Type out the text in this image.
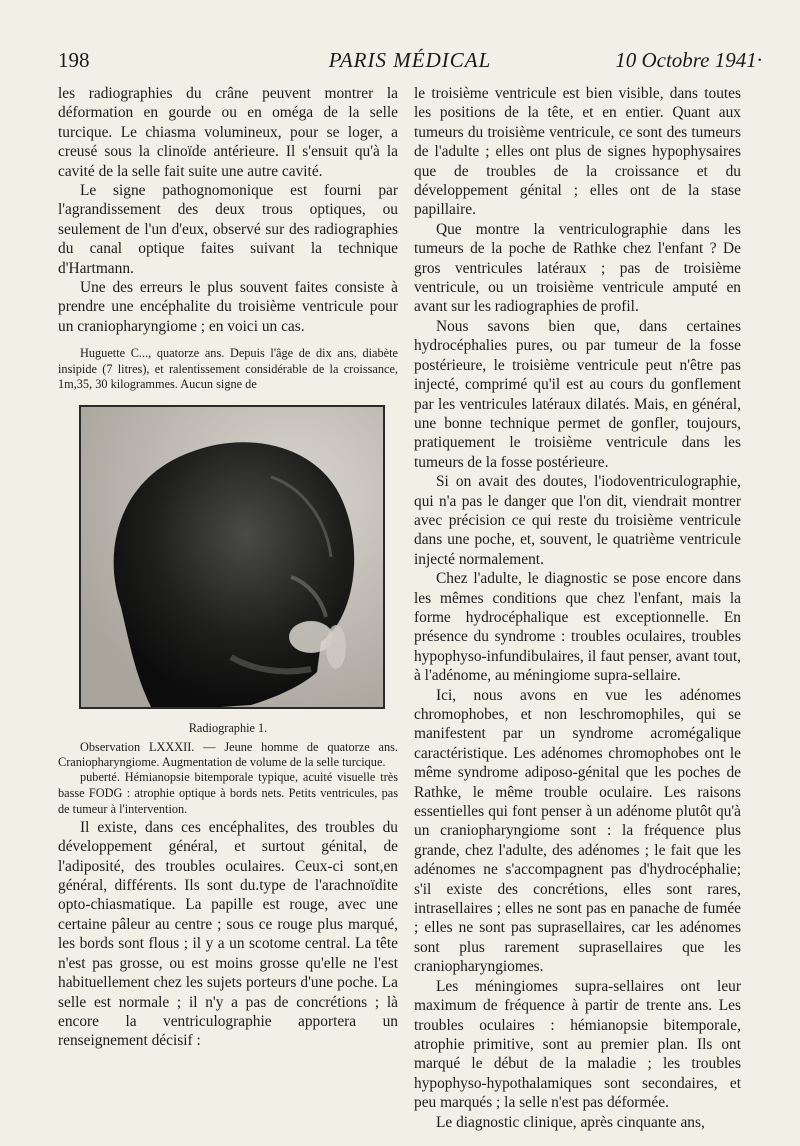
198	PARIS MÉDICAL	10 Octobre 1941·

les radiographies du crâne peuvent montrer la déformation en gourde ou en oméga de la selle turcique. Le chiasma volumineux, pour se loger, a creusé sous la clinoïde antérieure. Il s'ensuit qu'à la cavité de la selle fait suite une autre cavité.

Le signe pathognomonique est fourni par l'agrandissement des deux trous optiques, ou seulement de l'un d'eux, observé sur des radiographies du canal optique faites suivant la technique d'Hartmann.

Une des erreurs le plus souvent faites consiste à prendre une encéphalite du troisième ventricule pour un craniopharyngiome ; en voici un cas.

Huguette C..., quatorze ans. Depuis l'âge de dix ans, diabète insipide (7 litres), et ralentissement considérable de la croissance, 1m,35, 30 kilogrammes. Aucun signe de

Radiographie 1.

Observation LXXXII. — Jeune homme de quatorze ans. Craniopharyngiome. Augmentation de volume de la selle turcique.

puberté. Hémianopsie bitemporale typique, acuité visuelle très basse FODG : atrophie optique à bords nets. Petits ventricules, pas de tumeur à l'intervention.

Il existe, dans ces encéphalites, des troubles du développement général, et surtout génital, de l'adiposité, des troubles oculaires. Ceux-ci sont,en général, différents. Ils sont du.type de l'arachnoïdite opto-chiasmatique. La papille est rouge, avec une certaine pâleur au centre ; sous ce rouge plus marqué, les bords sont flous ; il y a un scotome central. La tête n'est pas grosse, ou est moins grosse qu'elle ne l'est habituellement chez les sujets porteurs d'une poche. La selle est normale ; il n'y a pas de concrétions ; là encore la ventriculographie apportera un renseignement décisif :

le troisième ventricule est bien visible, dans toutes les positions de la tête, et en entier. Quant aux tumeurs du troisième ventricule, ce sont des tumeurs de l'adulte ; elles ont plus de signes hypophysaires que de troubles de la croissance et du développement génital ; elles ont de la stase papillaire.

Que montre la ventriculographie dans les tumeurs de la poche de Rathke chez l'enfant ? De gros ventricules latéraux ; pas de troisième ventricule, ou un troisième ventricule amputé en avant sur les radiographies de profil.

Nous savons bien que, dans certaines hydrocéphalies pures, ou par tumeur de la fosse postérieure, le troisième ventricule peut n'être pas injecté, comprimé qu'il est au cours du gonflement par les ventricules latéraux dilatés. Mais, en général, une bonne technique permet de gonfler, toujours, pratiquement le troisième ventricule dans les tumeurs de la fosse postérieure.

Si on avait des doutes, l'iodoventriculographie, qui n'a pas le danger que l'on dit, viendrait montrer avec précision ce qui reste du troisième ventricule dans une poche, et, souvent, le quatrième ventricule injecté normalement.

Chez l'adulte, le diagnostic se pose encore dans les mêmes conditions que chez l'enfant, mais la forme hydrocéphalique est exceptionnelle. En présence du syndrome : troubles oculaires, troubles hypophyso-infundibulaires, il faut penser, avant tout, à l'adénome, au méningiome supra-sellaire.

Ici, nous avons en vue les adénomes chromophobes, et non leschromophiles, qui se manifestent par un syndrome acromégalique caractéristique. Les adénomes chromophobes ont le même syndrome adiposo-génital que les poches de Rathke, le même trouble oculaire. Les raisons essentielles qui font penser à un adénome plutôt qu'à un craniopharyngiome sont : la fréquence plus grande, chez l'adulte, des adénomes ; le fait que les adénomes ne s'accompagnent pas d'hydrocéphalie; s'il existe des concrétions, elles sont rares, intrasellaires ; elles ne sont pas en panache de fumée ; elles ne sont pas suprasellaires, car les adénomes sont plus rarement suprasellaires que les craniopharyngiomes.

Les méningiomes supra-sellaires ont leur maximum de fréquence à partir de trente ans. Les troubles oculaires : hémianopsie bitemporale, atrophie primitive, sont au premier plan. Ils ont marqué le début de la maladie ; les troubles hypophyso-hypothalamiques sont secondaires, et peu marqués ; la selle n'est pas déformée.

Le diagnostic clinique, après cinquante ans,
